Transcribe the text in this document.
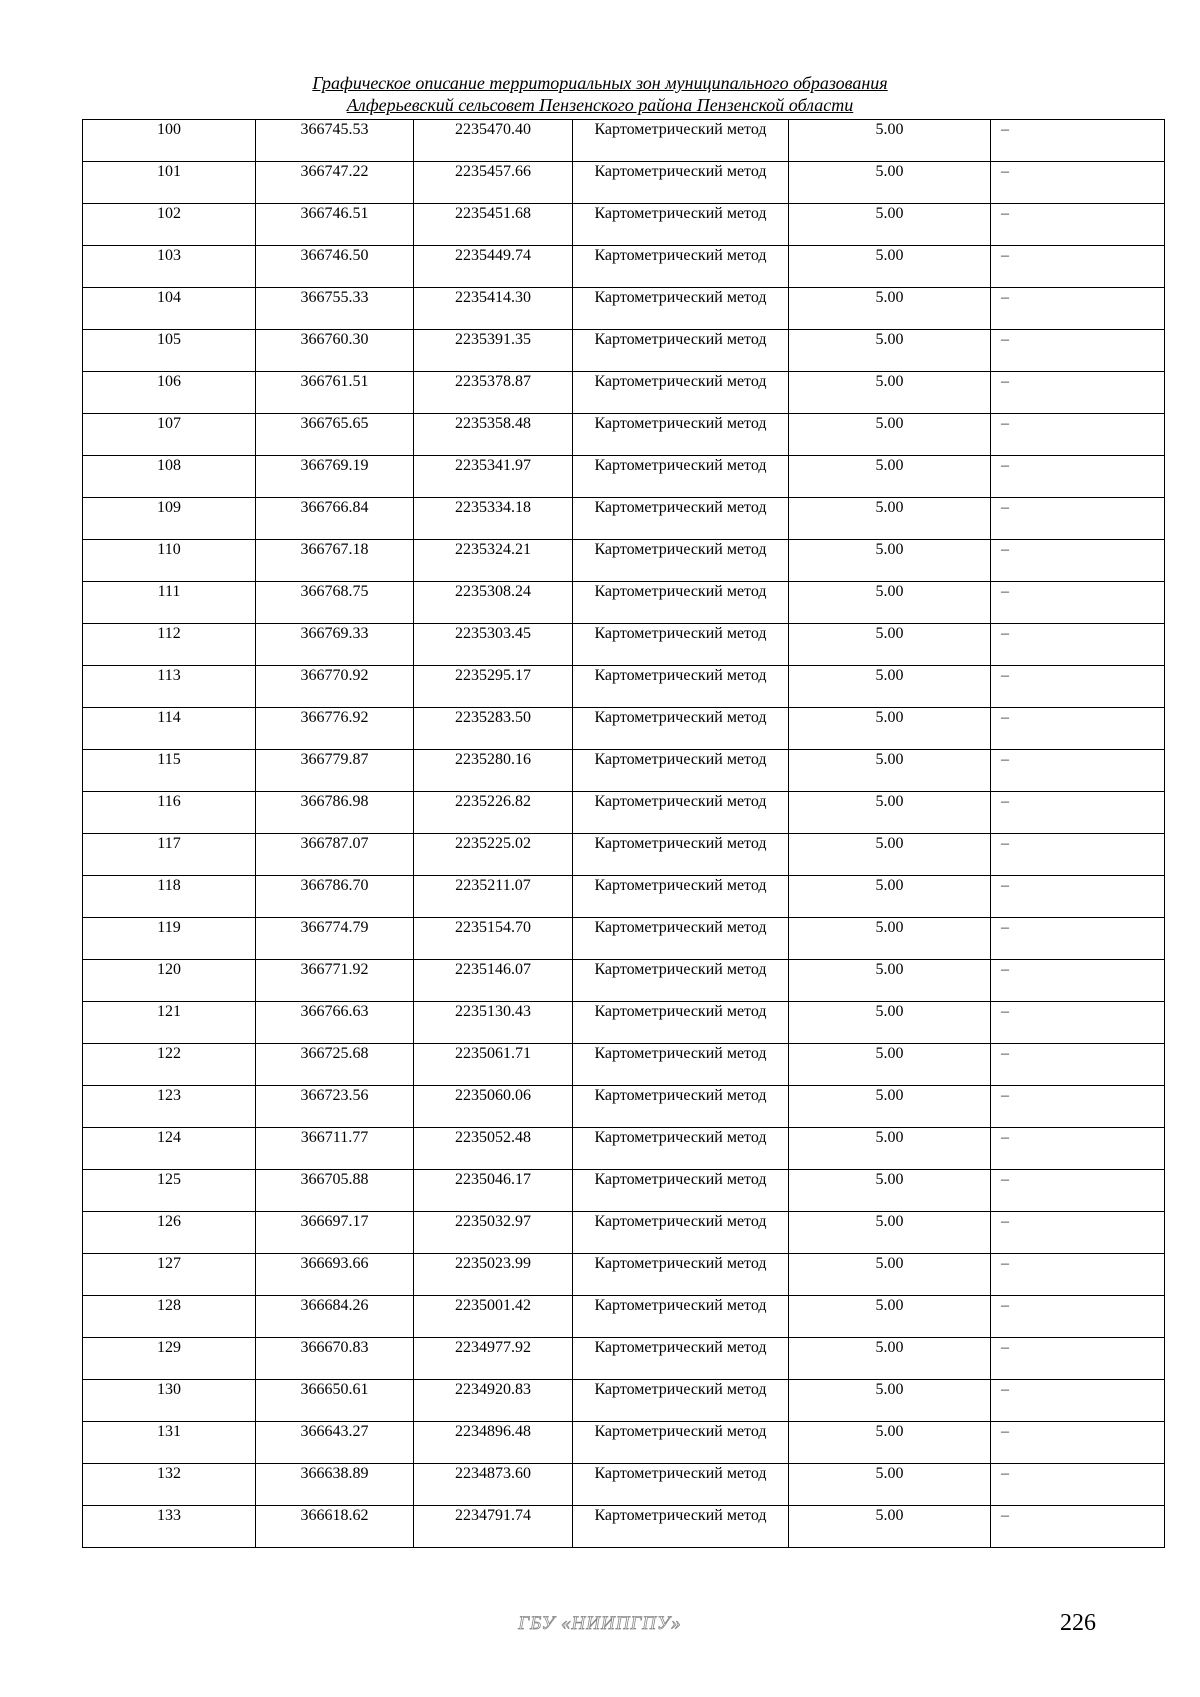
Графическое описание территориальных зон муниципального образования
Алферьевский сельсовет Пензенского района Пензенской области
100	366745.53	2235470.40	Картометрический метод	5.00	–
101	366747.22	2235457.66	Картометрический метод	5.00	–
102	366746.51	2235451.68	Картометрический метод	5.00	–
103	366746.50	2235449.74	Картометрический метод	5.00	–
104	366755.33	2235414.30	Картометрический метод	5.00	–
105	366760.30	2235391.35	Картометрический метод	5.00	–
106	366761.51	2235378.87	Картометрический метод	5.00	–
107	366765.65	2235358.48	Картометрический метод	5.00	–
108	366769.19	2235341.97	Картометрический метод	5.00	–
109	366766.84	2235334.18	Картометрический метод	5.00	–
110	366767.18	2235324.21	Картометрический метод	5.00	–
111	366768.75	2235308.24	Картометрический метод	5.00	–
112	366769.33	2235303.45	Картометрический метод	5.00	–
113	366770.92	2235295.17	Картометрический метод	5.00	–
114	366776.92	2235283.50	Картометрический метод	5.00	–
115	366779.87	2235280.16	Картометрический метод	5.00	–
116	366786.98	2235226.82	Картометрический метод	5.00	–
117	366787.07	2235225.02	Картометрический метод	5.00	–
118	366786.70	2235211.07	Картометрический метод	5.00	–
119	366774.79	2235154.70	Картометрический метод	5.00	–
120	366771.92	2235146.07	Картометрический метод	5.00	–
121	366766.63	2235130.43	Картометрический метод	5.00	–
122	366725.68	2235061.71	Картометрический метод	5.00	–
123	366723.56	2235060.06	Картометрический метод	5.00	–
124	366711.77	2235052.48	Картометрический метод	5.00	–
125	366705.88	2235046.17	Картометрический метод	5.00	–
126	366697.17	2235032.97	Картометрический метод	5.00	–
127	366693.66	2235023.99	Картометрический метод	5.00	–
128	366684.26	2235001.42	Картометрический метод	5.00	–
129	366670.83	2234977.92	Картометрический метод	5.00	–
130	366650.61	2234920.83	Картометрический метод	5.00	–
131	366643.27	2234896.48	Картометрический метод	5.00	–
132	366638.89	2234873.60	Картометрический метод	5.00	–
133	366618.62	2234791.74	Картометрический метод	5.00	–
ГБУ «НИИПГПУ»	226
